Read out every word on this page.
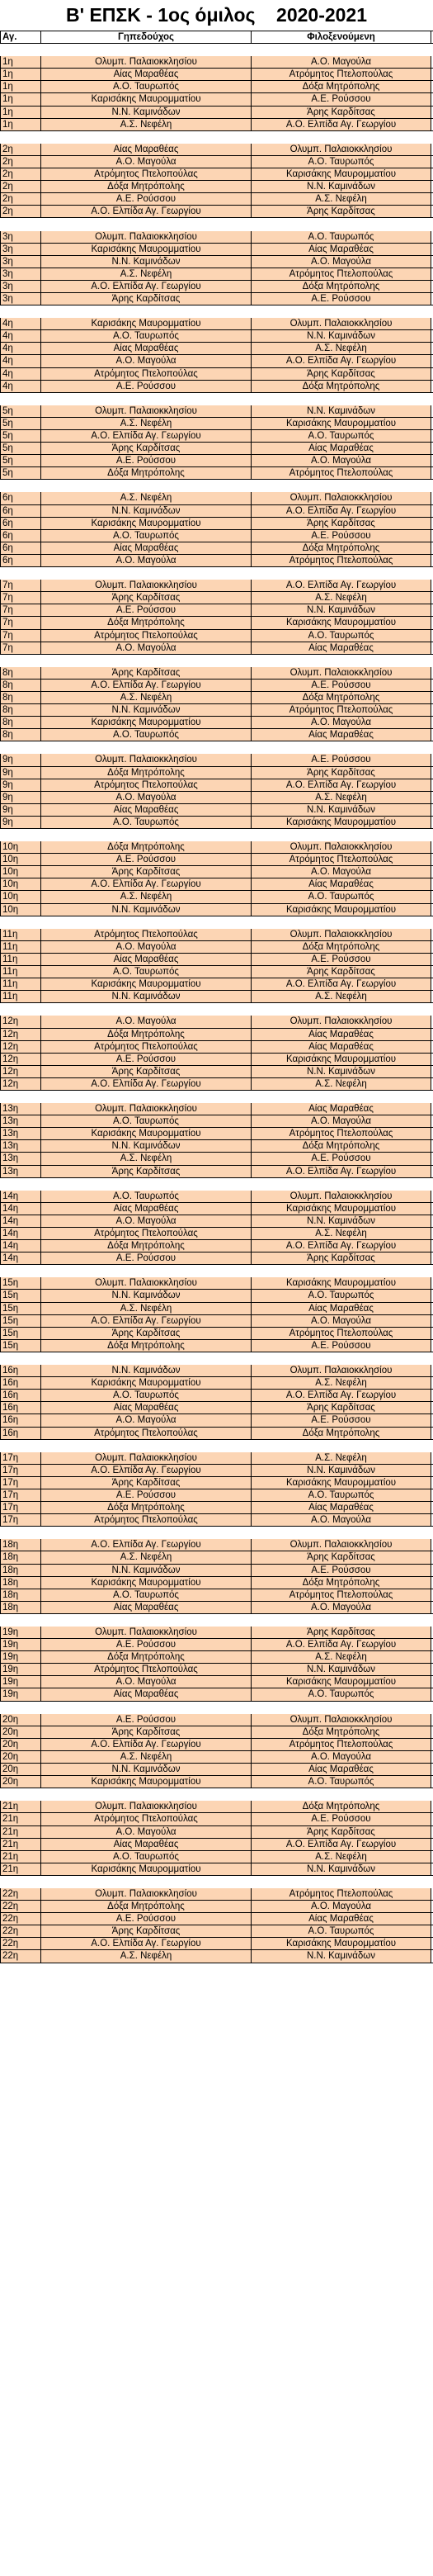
Β' ΕΠΣΚ - 1ος όμιλος    2020-2021
Αγ.	Γηπεδούχος	Φιλοξενούμενη
1η	Ολυμπ. Παλαιοκκλησίου	Α.Ο. Μαγούλα
1η	Αίας Μαραθέας	Ατρόμητος Πτελοπούλας
1η	Α.Ο. Ταυρωπός	Δόξα Μητρόπολης
1η	Καρισάκης Μαυρομματίου	Α.Ε. Ρούσσου
1η	Ν.Ν. Καμινάδων	Άρης Καρδίτσας
1η	Α.Σ. Νεφέλη	Α.Ο. Ελπίδα Αγ. Γεωργίου
2η	Αίας Μαραθέας	Ολυμπ. Παλαιοκκλησίου
2η	Α.Ο. Μαγούλα	Α.Ο. Ταυρωπός
2η	Ατρόμητος Πτελοπούλας	Καρισάκης Μαυρομματίου
2η	Δόξα Μητρόπολης	Ν.Ν. Καμινάδων
2η	Α.Ε. Ρούσσου	Α.Σ. Νεφέλη
2η	Α.Ο. Ελπίδα Αγ. Γεωργίου	Άρης Καρδίτσας
3η	Ολυμπ. Παλαιοκκλησίου	Α.Ο. Ταυρωπός
3η	Καρισάκης Μαυρομματίου	Αίας Μαραθέας
3η	Ν.Ν. Καμινάδων	Α.Ο. Μαγούλα
3η	Α.Σ. Νεφέλη	Ατρόμητος Πτελοπούλας
3η	Α.Ο. Ελπίδα Αγ. Γεωργίου	Δόξα Μητρόπολης
3η	Άρης Καρδίτσας	Α.Ε. Ρούσσου
4η	Καρισάκης Μαυρομματίου	Ολυμπ. Παλαιοκκλησίου
4η	Α.Ο. Ταυρωπός	Ν.Ν. Καμινάδων
4η	Αίας Μαραθέας	Α.Σ. Νεφέλη
4η	Α.Ο. Μαγούλα	Α.Ο. Ελπίδα Αγ. Γεωργίου
4η	Ατρόμητος Πτελοπούλας	Άρης Καρδίτσας
4η	Α.Ε. Ρούσσου	Δόξα Μητρόπολης
5η	Ολυμπ. Παλαιοκκλησίου	Ν.Ν. Καμινάδων
5η	Α.Σ. Νεφέλη	Καρισάκης Μαυρομματίου
5η	Α.Ο. Ελπίδα Αγ. Γεωργίου	Α.Ο. Ταυρωπός
5η	Άρης Καρδίτσας	Αίας Μαραθέας
5η	Α.Ε. Ρούσσου	Α.Ο. Μαγούλα
5η	Δόξα Μητρόπολης	Ατρόμητος Πτελοπούλας
6η	Α.Σ. Νεφέλη	Ολυμπ. Παλαιοκκλησίου
6η	Ν.Ν. Καμινάδων	Α.Ο. Ελπίδα Αγ. Γεωργίου
6η	Καρισάκης Μαυρομματίου	Άρης Καρδίτσας
6η	Α.Ο. Ταυρωπός	Α.Ε. Ρούσσου
6η	Αίας Μαραθέας	Δόξα Μητρόπολης
6η	Α.Ο. Μαγούλα	Ατρόμητος Πτελοπούλας
7η	Ολυμπ. Παλαιοκκλησίου	Α.Ο. Ελπίδα Αγ. Γεωργίου
7η	Άρης Καρδίτσας	Α.Σ. Νεφέλη
7η	Α.Ε. Ρούσσου	Ν.Ν. Καμινάδων
7η	Δόξα Μητρόπολης	Καρισάκης Μαυρομματίου
7η	Ατρόμητος Πτελοπούλας	Α.Ο. Ταυρωπός
7η	Α.Ο. Μαγούλα	Αίας Μαραθέας
8η	Άρης Καρδίτσας	Ολυμπ. Παλαιοκκλησίου
8η	Α.Ο. Ελπίδα Αγ. Γεωργίου	Α.Ε. Ρούσσου
8η	Α.Σ. Νεφέλη	Δόξα Μητρόπολης
8η	Ν.Ν. Καμινάδων	Ατρόμητος Πτελοπούλας
8η	Καρισάκης Μαυρομματίου	Α.Ο. Μαγούλα
8η	Α.Ο. Ταυρωπός	Αίας Μαραθέας
9η	Ολυμπ. Παλαιοκκλησίου	Α.Ε. Ρούσσου
9η	Δόξα Μητρόπολης	Άρης Καρδίτσας
9η	Ατρόμητος Πτελοπούλας	Α.Ο. Ελπίδα Αγ. Γεωργίου
9η	Α.Ο. Μαγούλα	Α.Σ. Νεφέλη
9η	Αίας Μαραθέας	Ν.Ν. Καμινάδων
9η	Α.Ο. Ταυρωπός	Καρισάκης Μαυρομματίου
10η	Δόξα Μητρόπολης	Ολυμπ. Παλαιοκκλησίου
10η	Α.Ε. Ρούσσου	Ατρόμητος Πτελοπούλας
10η	Άρης Καρδίτσας	Α.Ο. Μαγούλα
10η	Α.Ο. Ελπίδα Αγ. Γεωργίου	Αίας Μαραθέας
10η	Α.Σ. Νεφέλη	Α.Ο. Ταυρωπός
10η	Ν.Ν. Καμινάδων	Καρισάκης Μαυρομματίου
11η	Ατρόμητος Πτελοπούλας	Ολυμπ. Παλαιοκκλησίου
11η	Α.Ο. Μαγούλα	Δόξα Μητρόπολης
11η	Αίας Μαραθέας	Α.Ε. Ρούσσου
11η	Α.Ο. Ταυρωπός	Άρης Καρδίτσας
11η	Καρισάκης Μαυρομματίου	Α.Ο. Ελπίδα Αγ. Γεωργίου
11η	Ν.Ν. Καμινάδων	Α.Σ. Νεφέλη
12η	Α.Ο. Μαγούλα	Ολυμπ. Παλαιοκκλησίου
12η	Δόξα Μητρόπολης	Αίας Μαραθέας
12η	Ατρόμητος Πτελοπούλας	Αίας Μαραθέας
12η	Α.Ε. Ρούσσου	Καρισάκης Μαυρομματίου
12η	Άρης Καρδίτσας	Ν.Ν. Καμινάδων
12η	Α.Ο. Ελπίδα Αγ. Γεωργίου	Α.Σ. Νεφέλη
13η	Ολυμπ. Παλαιοκκλησίου	Αίας Μαραθέας
13η	Α.Ο. Ταυρωπός	Α.Ο. Μαγούλα
13η	Καρισάκης Μαυρομματίου	Ατρόμητος Πτελοπούλας
13η	Ν.Ν. Καμινάδων	Δόξα Μητρόπολης
13η	Α.Σ. Νεφέλη	Α.Ε. Ρούσσου
13η	Άρης Καρδίτσας	Α.Ο. Ελπίδα Αγ. Γεωργίου
14η	Α.Ο. Ταυρωπός	Ολυμπ. Παλαιοκκλησίου
14η	Αίας Μαραθέας	Καρισάκης Μαυρομματίου
14η	Α.Ο. Μαγούλα	Ν.Ν. Καμινάδων
14η	Ατρόμητος Πτελοπούλας	Α.Σ. Νεφέλη
14η	Δόξα Μητρόπολης	Α.Ο. Ελπίδα Αγ. Γεωργίου
14η	Α.Ε. Ρούσσου	Άρης Καρδίτσας
15η	Ολυμπ. Παλαιοκκλησίου	Καρισάκης Μαυρομματίου
15η	Ν.Ν. Καμινάδων	Α.Ο. Ταυρωπός
15η	Α.Σ. Νεφέλη	Αίας Μαραθέας
15η	Α.Ο. Ελπίδα Αγ. Γεωργίου	Α.Ο. Μαγούλα
15η	Άρης Καρδίτσας	Ατρόμητος Πτελοπούλας
15η	Δόξα Μητρόπολης	Α.Ε. Ρούσσου
16η	Ν.Ν. Καμινάδων	Ολυμπ. Παλαιοκκλησίου
16η	Καρισάκης Μαυρομματίου	Α.Σ. Νεφέλη
16η	Α.Ο. Ταυρωπός	Α.Ο. Ελπίδα Αγ. Γεωργίου
16η	Αίας Μαραθέας	Άρης Καρδίτσας
16η	Α.Ο. Μαγούλα	Α.Ε. Ρούσσου
16η	Ατρόμητος Πτελοπούλας	Δόξα Μητρόπολης
17η	Ολυμπ. Παλαιοκκλησίου	Α.Σ. Νεφέλη
17η	Α.Ο. Ελπίδα Αγ. Γεωργίου	Ν.Ν. Καμινάδων
17η	Άρης Καρδίτσας	Καρισάκης Μαυρομματίου
17η	Α.Ε. Ρούσσου	Α.Ο. Ταυρωπός
17η	Δόξα Μητρόπολης	Αίας Μαραθέας
17η	Ατρόμητος Πτελοπούλας	Α.Ο. Μαγούλα
18η	Α.Ο. Ελπίδα Αγ. Γεωργίου	Ολυμπ. Παλαιοκκλησίου
18η	Α.Σ. Νεφέλη	Άρης Καρδίτσας
18η	Ν.Ν. Καμινάδων	Α.Ε. Ρούσσου
18η	Καρισάκης Μαυρομματίου	Δόξα Μητρόπολης
18η	Α.Ο. Ταυρωπός	Ατρόμητος Πτελοπούλας
18η	Αίας Μαραθέας	Α.Ο. Μαγούλα
19η	Ολυμπ. Παλαιοκκλησίου	Άρης Καρδίτσας
19η	Α.Ε. Ρούσσου	Α.Ο. Ελπίδα Αγ. Γεωργίου
19η	Δόξα Μητρόπολης	Α.Σ. Νεφέλη
19η	Ατρόμητος Πτελοπούλας	Ν.Ν. Καμινάδων
19η	Α.Ο. Μαγούλα	Καρισάκης Μαυρομματίου
19η	Αίας Μαραθέας	Α.Ο. Ταυρωπός
20η	Α.Ε. Ρούσσου	Ολυμπ. Παλαιοκκλησίου
20η	Άρης Καρδίτσας	Δόξα Μητρόπολης
20η	Α.Ο. Ελπίδα Αγ. Γεωργίου	Ατρόμητος Πτελοπούλας
20η	Α.Σ. Νεφέλη	Α.Ο. Μαγούλα
20η	Ν.Ν. Καμινάδων	Αίας Μαραθέας
20η	Καρισάκης Μαυρομματίου	Α.Ο. Ταυρωπός
21η	Ολυμπ. Παλαιοκκλησίου	Δόξα Μητρόπολης
21η	Ατρόμητος Πτελοπούλας	Α.Ε. Ρούσσου
21η	Α.Ο. Μαγούλα	Άρης Καρδίτσας
21η	Αίας Μαραθέας	Α.Ο. Ελπίδα Αγ. Γεωργίου
21η	Α.Ο. Ταυρωπός	Α.Σ. Νεφέλη
21η	Καρισάκης Μαυρομματίου	Ν.Ν. Καμινάδων
22η	Ολυμπ. Παλαιοκκλησίου	Ατρόμητος Πτελοπούλας
22η	Δόξα Μητρόπολης	Α.Ο. Μαγούλα
22η	Α.Ε. Ρούσσου	Αίας Μαραθέας
22η	Άρης Καρδίτσας	Α.Ο. Ταυρωπός
22η	Α.Ο. Ελπίδα Αγ. Γεωργίου	Καρισάκης Μαυρομματίου
22η	Α.Σ. Νεφέλη	Ν.Ν. Καμινάδων
